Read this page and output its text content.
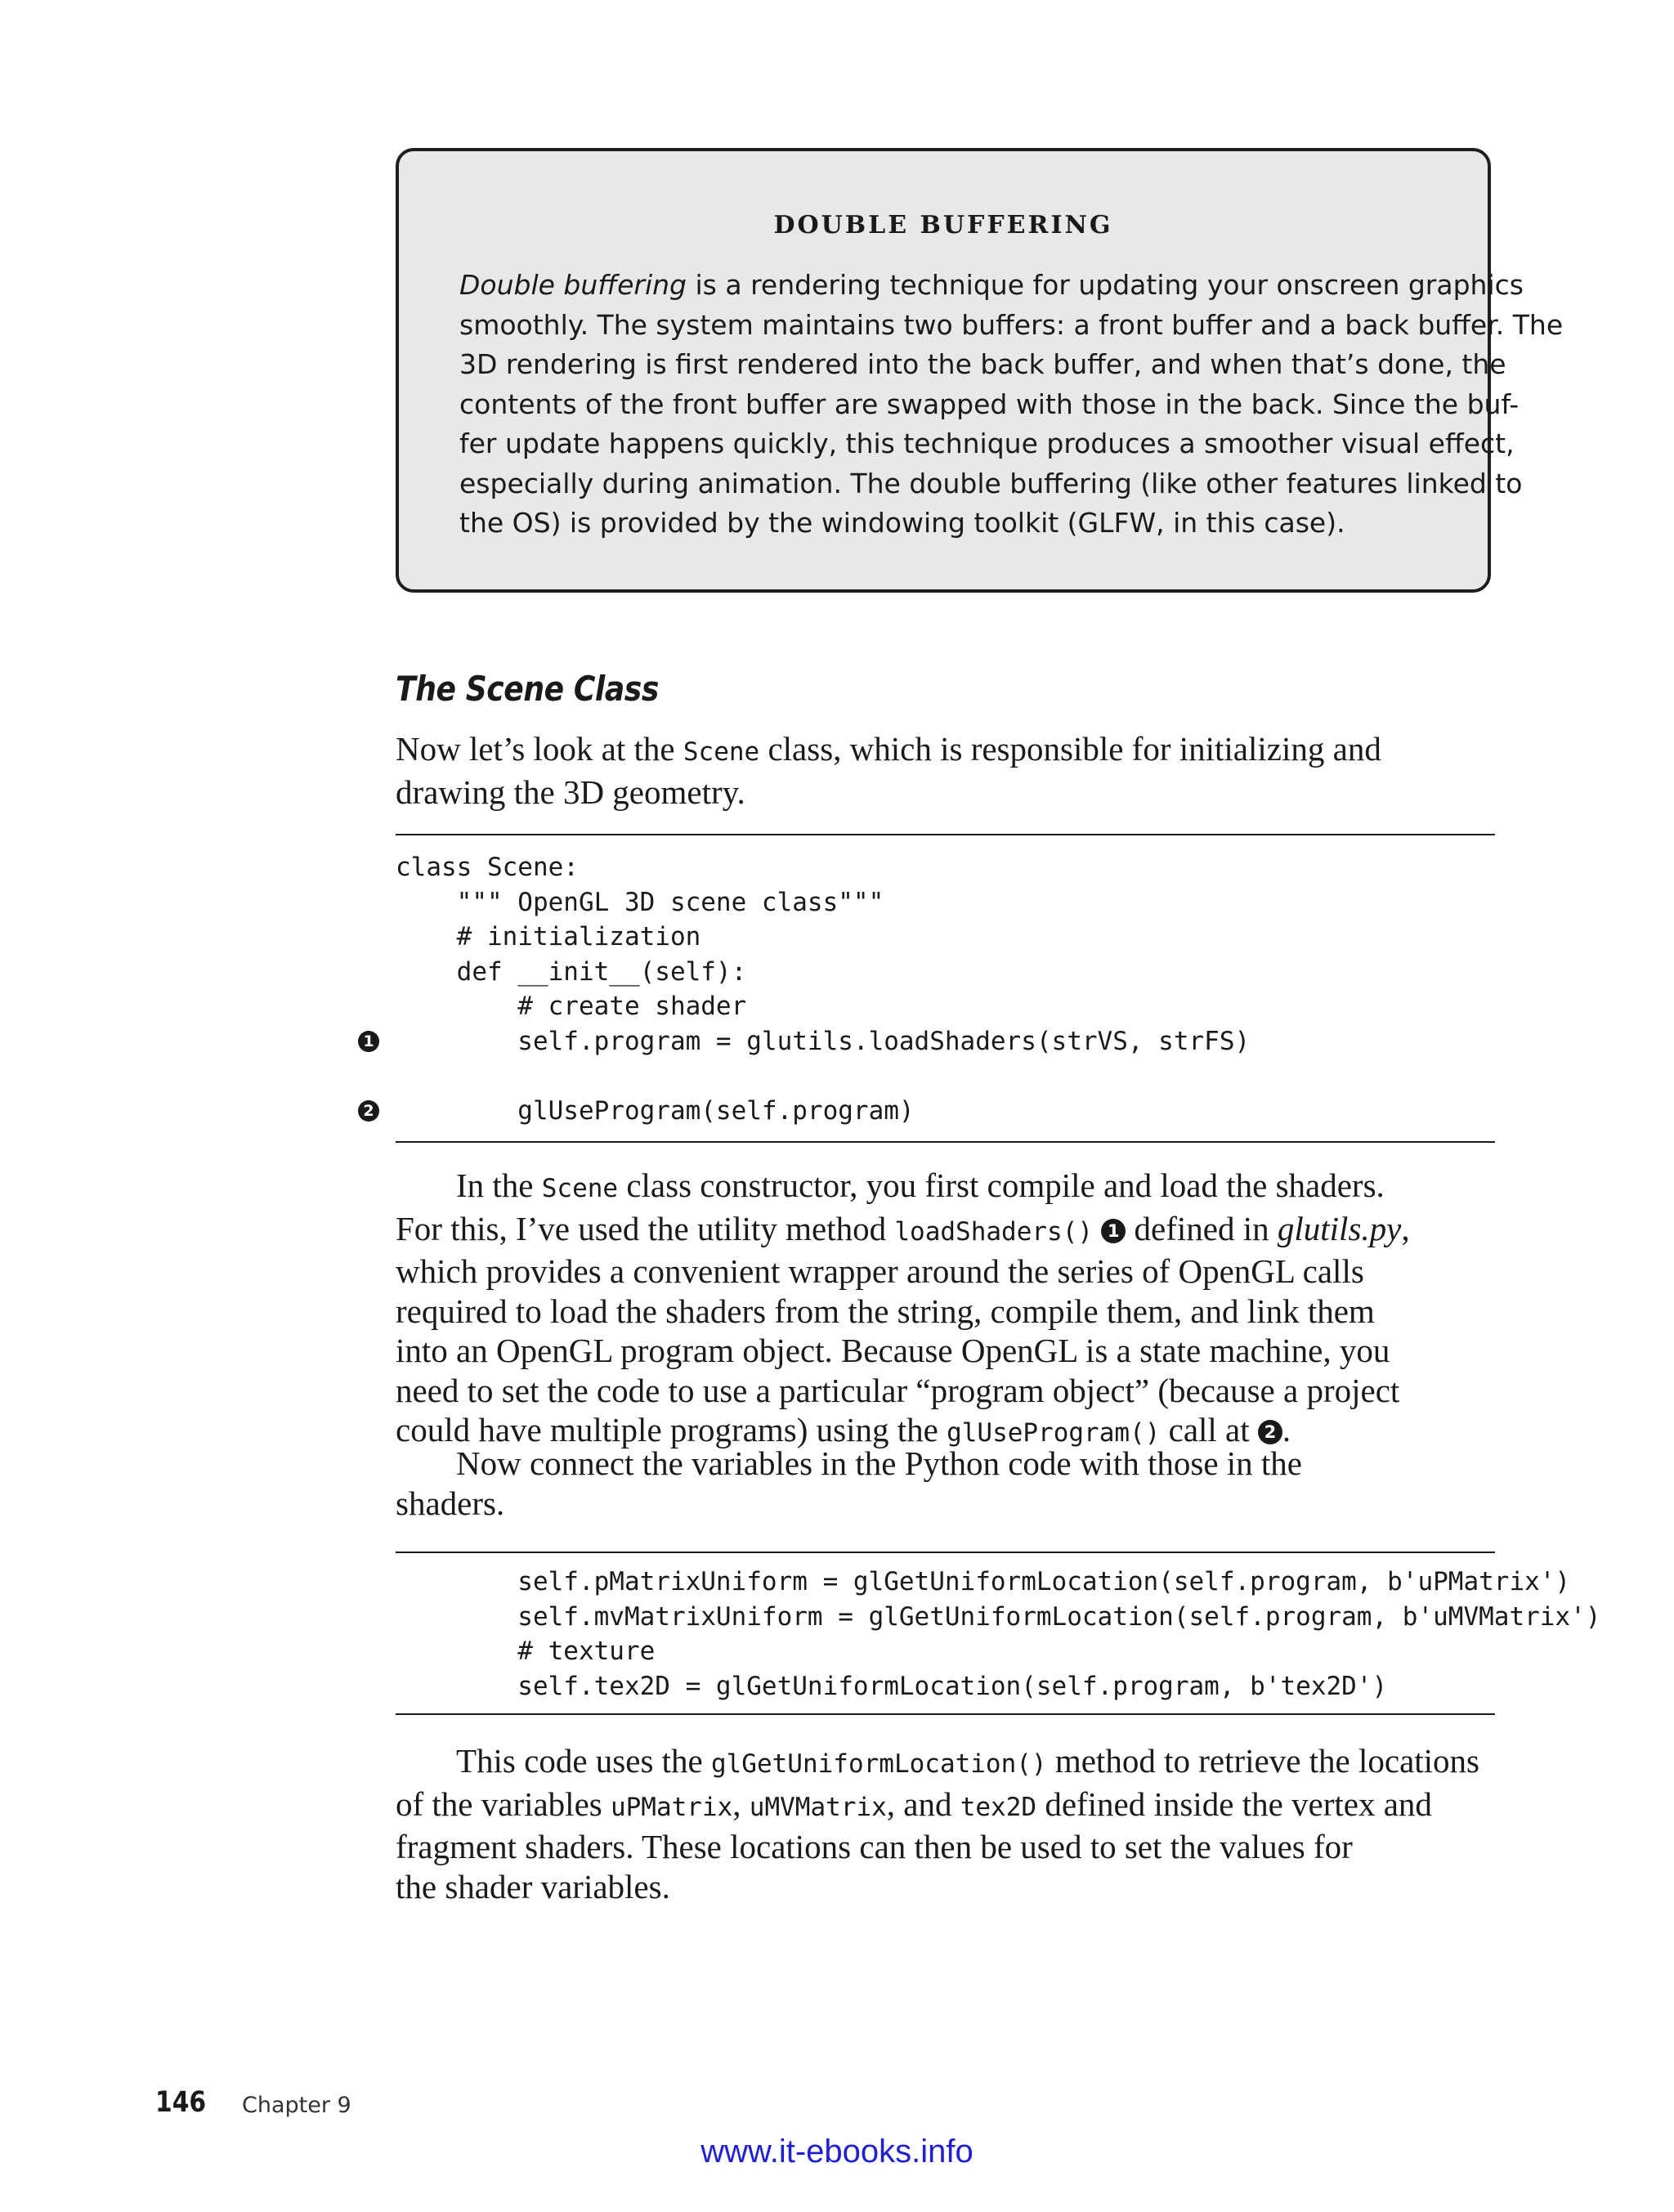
DOUBLE BUFFERING
Double buffering is a rendering technique for updating your onscreen graphics
smoothly. The system maintains two buffers: a front buffer and a back buffer. The
3D rendering is first rendered into the back buffer, and when that’s done, the
contents of the front buffer are swapped with those in the back. Since the buf-
fer update happens quickly, this technique produces a smoother visual effect,
especially during animation. The double buffering (like other features linked to
the OS) is provided by the windowing toolkit (GLFW, in this case).
The Scene Class
Now let’s look at the Scene class, which is responsible for initializing and
drawing the 3D geometry.
class Scene:
""" OpenGL 3D scene class"""
# initialization
def __init__(self):
# create shader
self.program = glutils.loadShaders(strVS, strFS)
glUseProgram(self.program)
In the Scene class constructor, you first compile and load the shaders.
For this, I’ve used the utility method loadShaders() 1 defined in glutils.py,
which provides a convenient wrapper around the series of OpenGL calls
required to load the shaders from the string, compile them, and link them
into an OpenGL program object. Because OpenGL is a state machine, you
need to set the code to use a particular “program object” (because a project
could have multiple programs) using the glUseProgram() call at 2 .
Now connect the variables in the Python code with those in the
shaders.
self.pMatrixUniform = glGetUniformLocation(self.program, b'uPMatrix')
self.mvMatrixUniform = glGetUniformLocation(self.program, b'uMVMatrix')
# texture
self.tex2D = glGetUniformLocation(self.program, b'tex2D')
This code uses the glGetUniformLocation() method to retrieve the locations
of the variables uPMatrix, uMVMatrix, and tex2D defined inside the vertex and
fragment shaders. These locations can then be used to set the values for
the shader variables.
146 Chapter 9
www.it-ebooks.info
1
2
